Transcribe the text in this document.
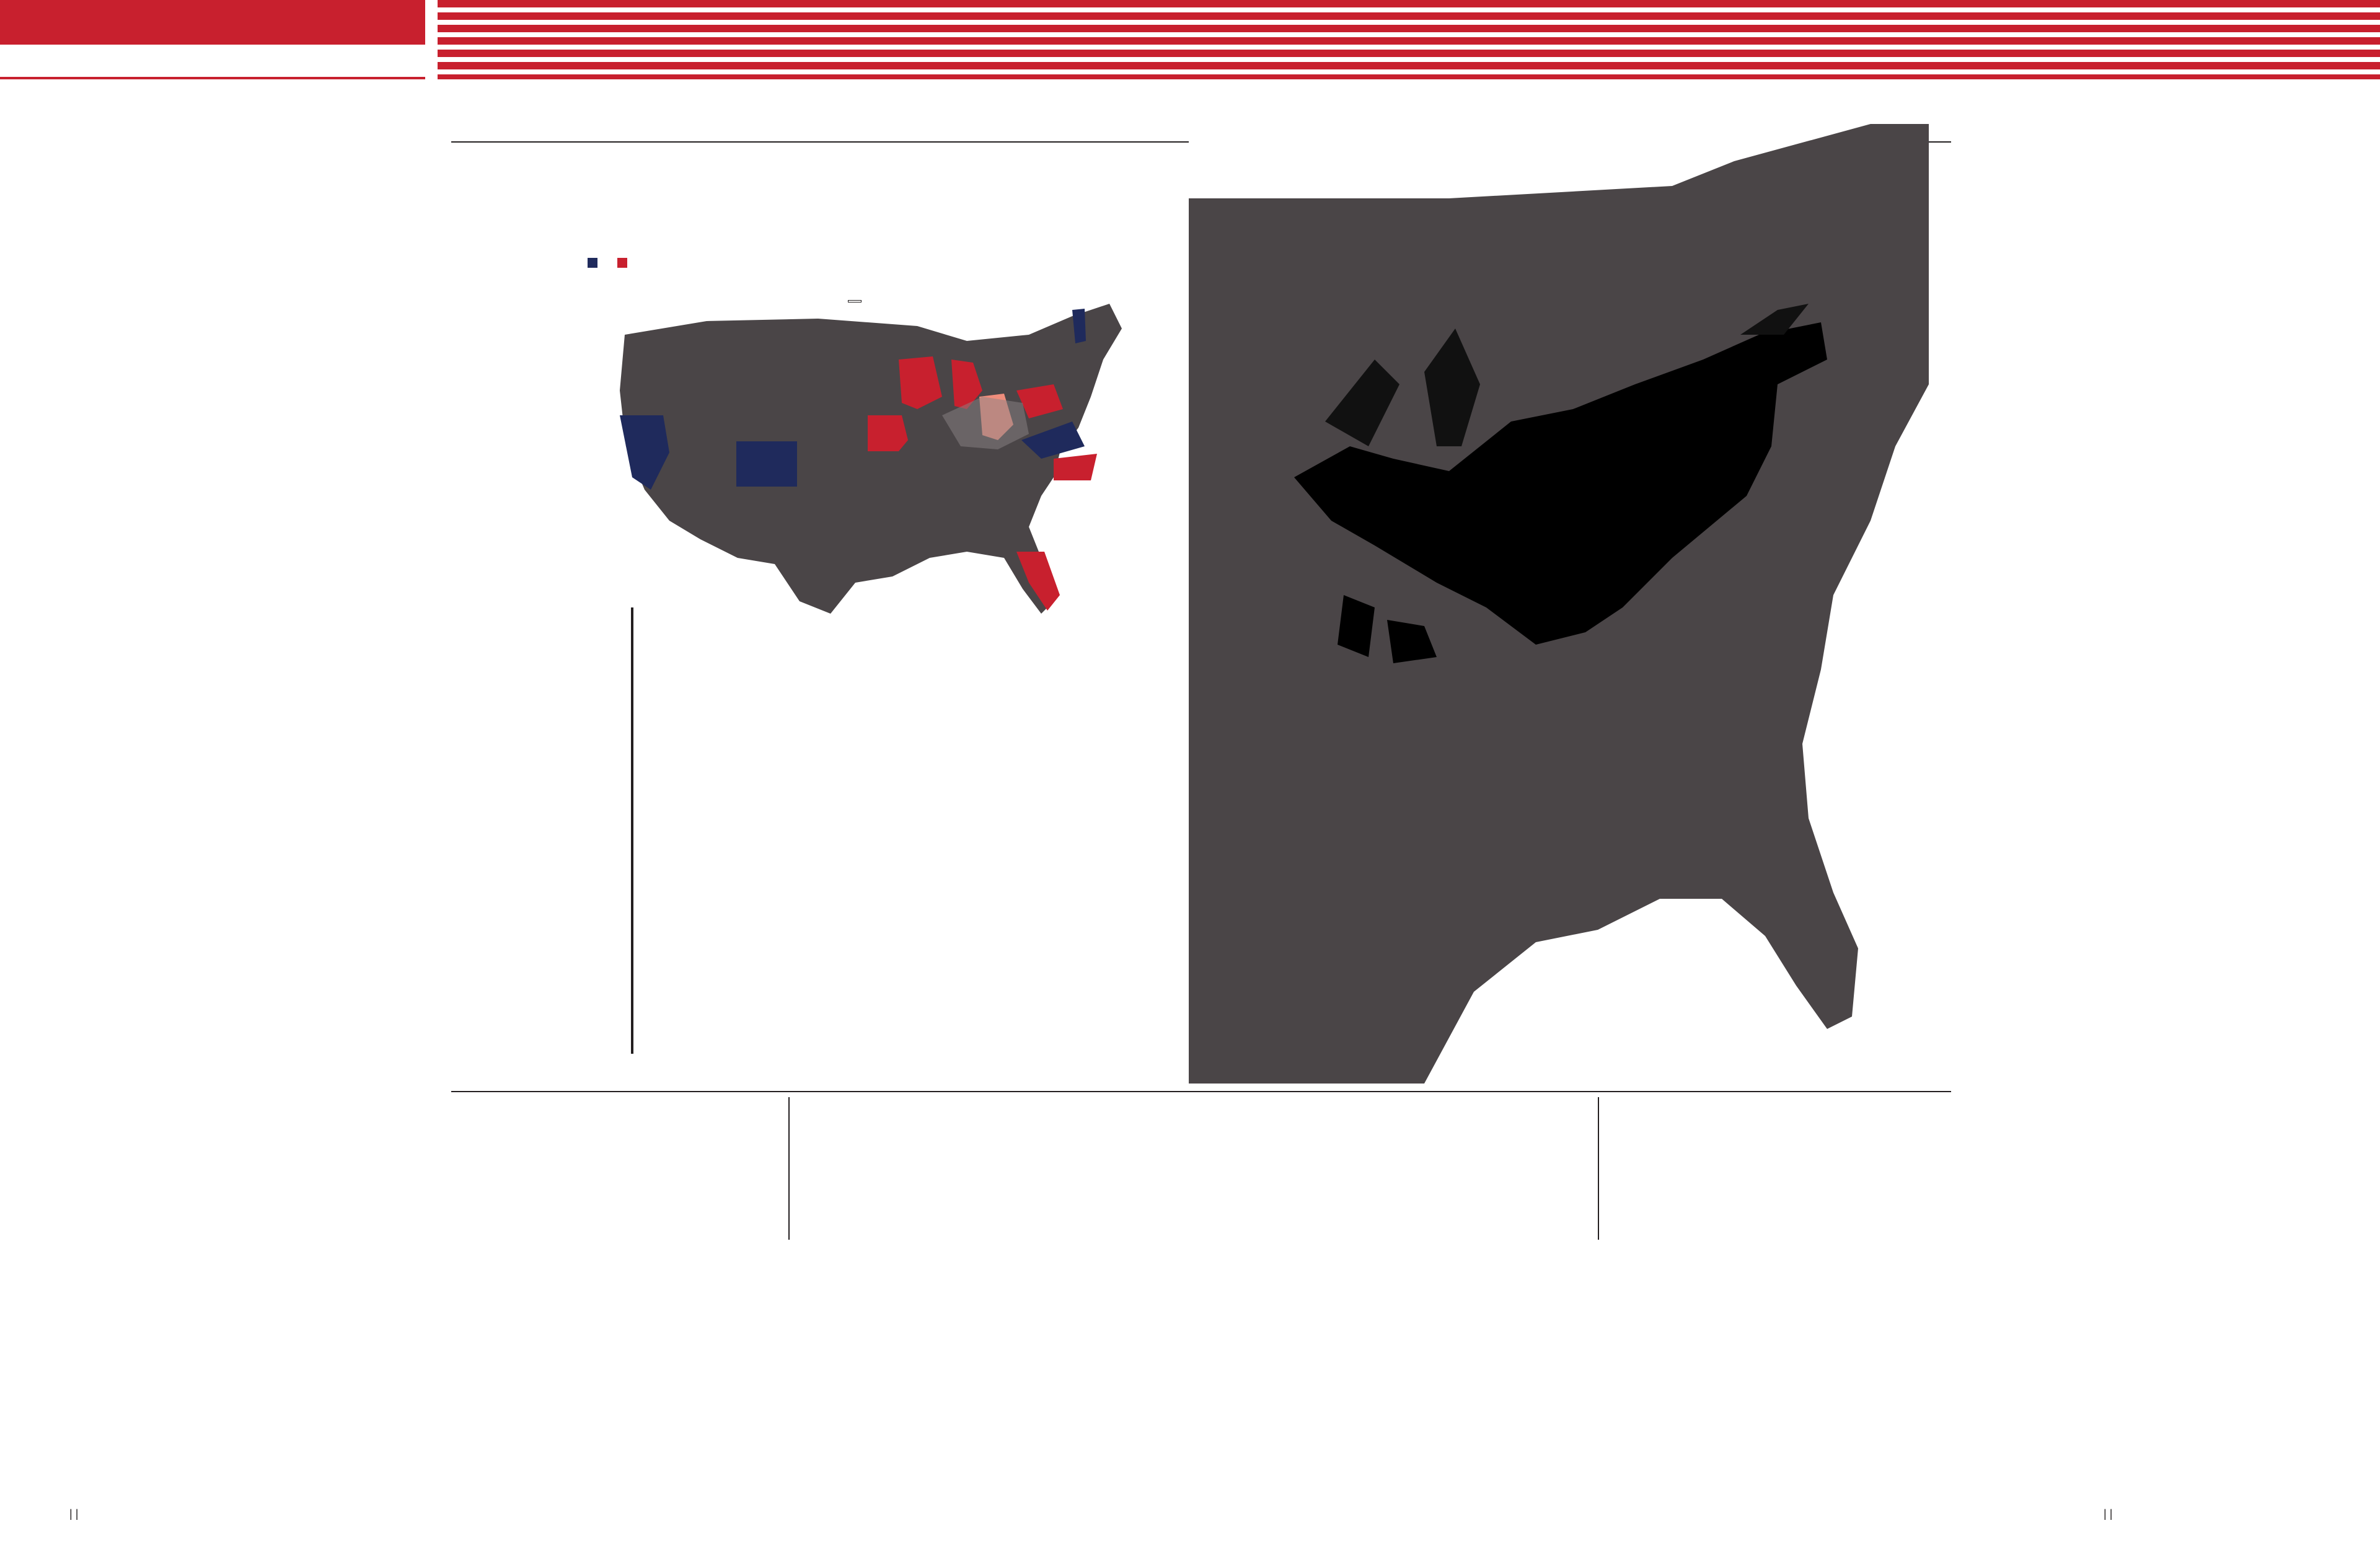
| |	| |
